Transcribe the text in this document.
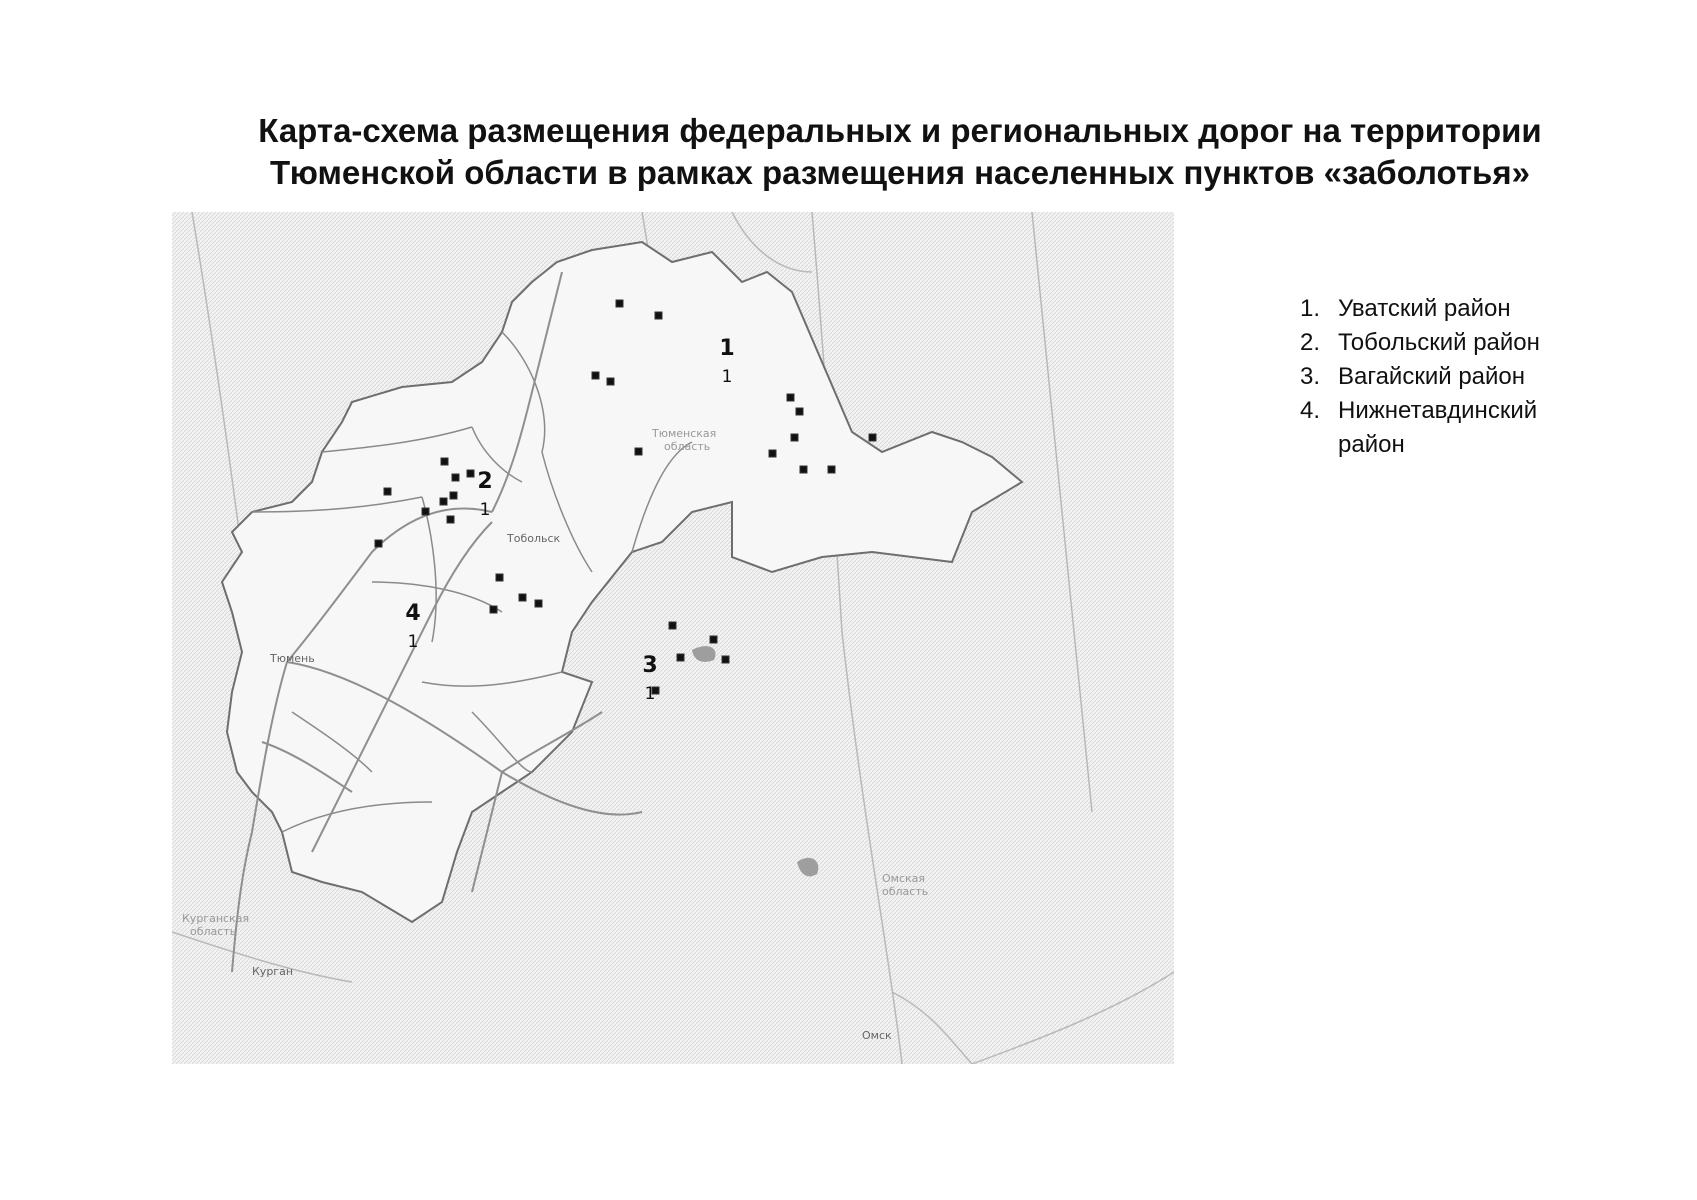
Карта-схема размещения федеральных и региональных дорог на территории
Тюменской области в рамках размещения населенных пунктов «заболотья»
1
1
2
1
3
1
4
1
Тобольск
Тюмень
Курган
Омск
Тюменская
область
Омская
область
Курганская
область
1. Уватский район
2. Тобольский район
3. Вагайский район
4. Нижнетавдинский район
